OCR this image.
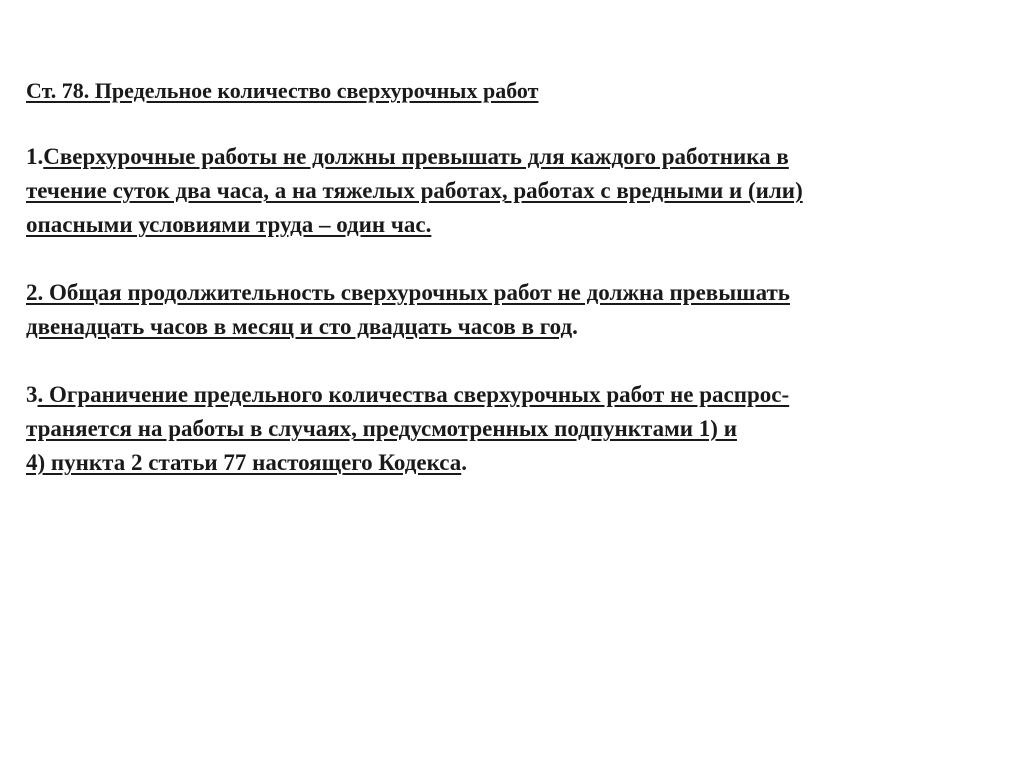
Ст. 78. Предельное количество сверхурочных работ
1.Сверхурочные работы не должны превышать для каждого работника в
течение суток два часа, а на тяжелых работах, работах с вредными и (или)
опасными условиями труда – один час.
2. Общая продолжительность сверхурочных работ не должна превышать
двенадцать часов в месяц и сто двадцать часов в год.
3. Ограничение предельного количества сверхурочных работ не распрос-
траняется на работы в случаях, предусмотренных подпунктами 1) и
4) пункта 2 статьи 77 настоящего Кодекса.
